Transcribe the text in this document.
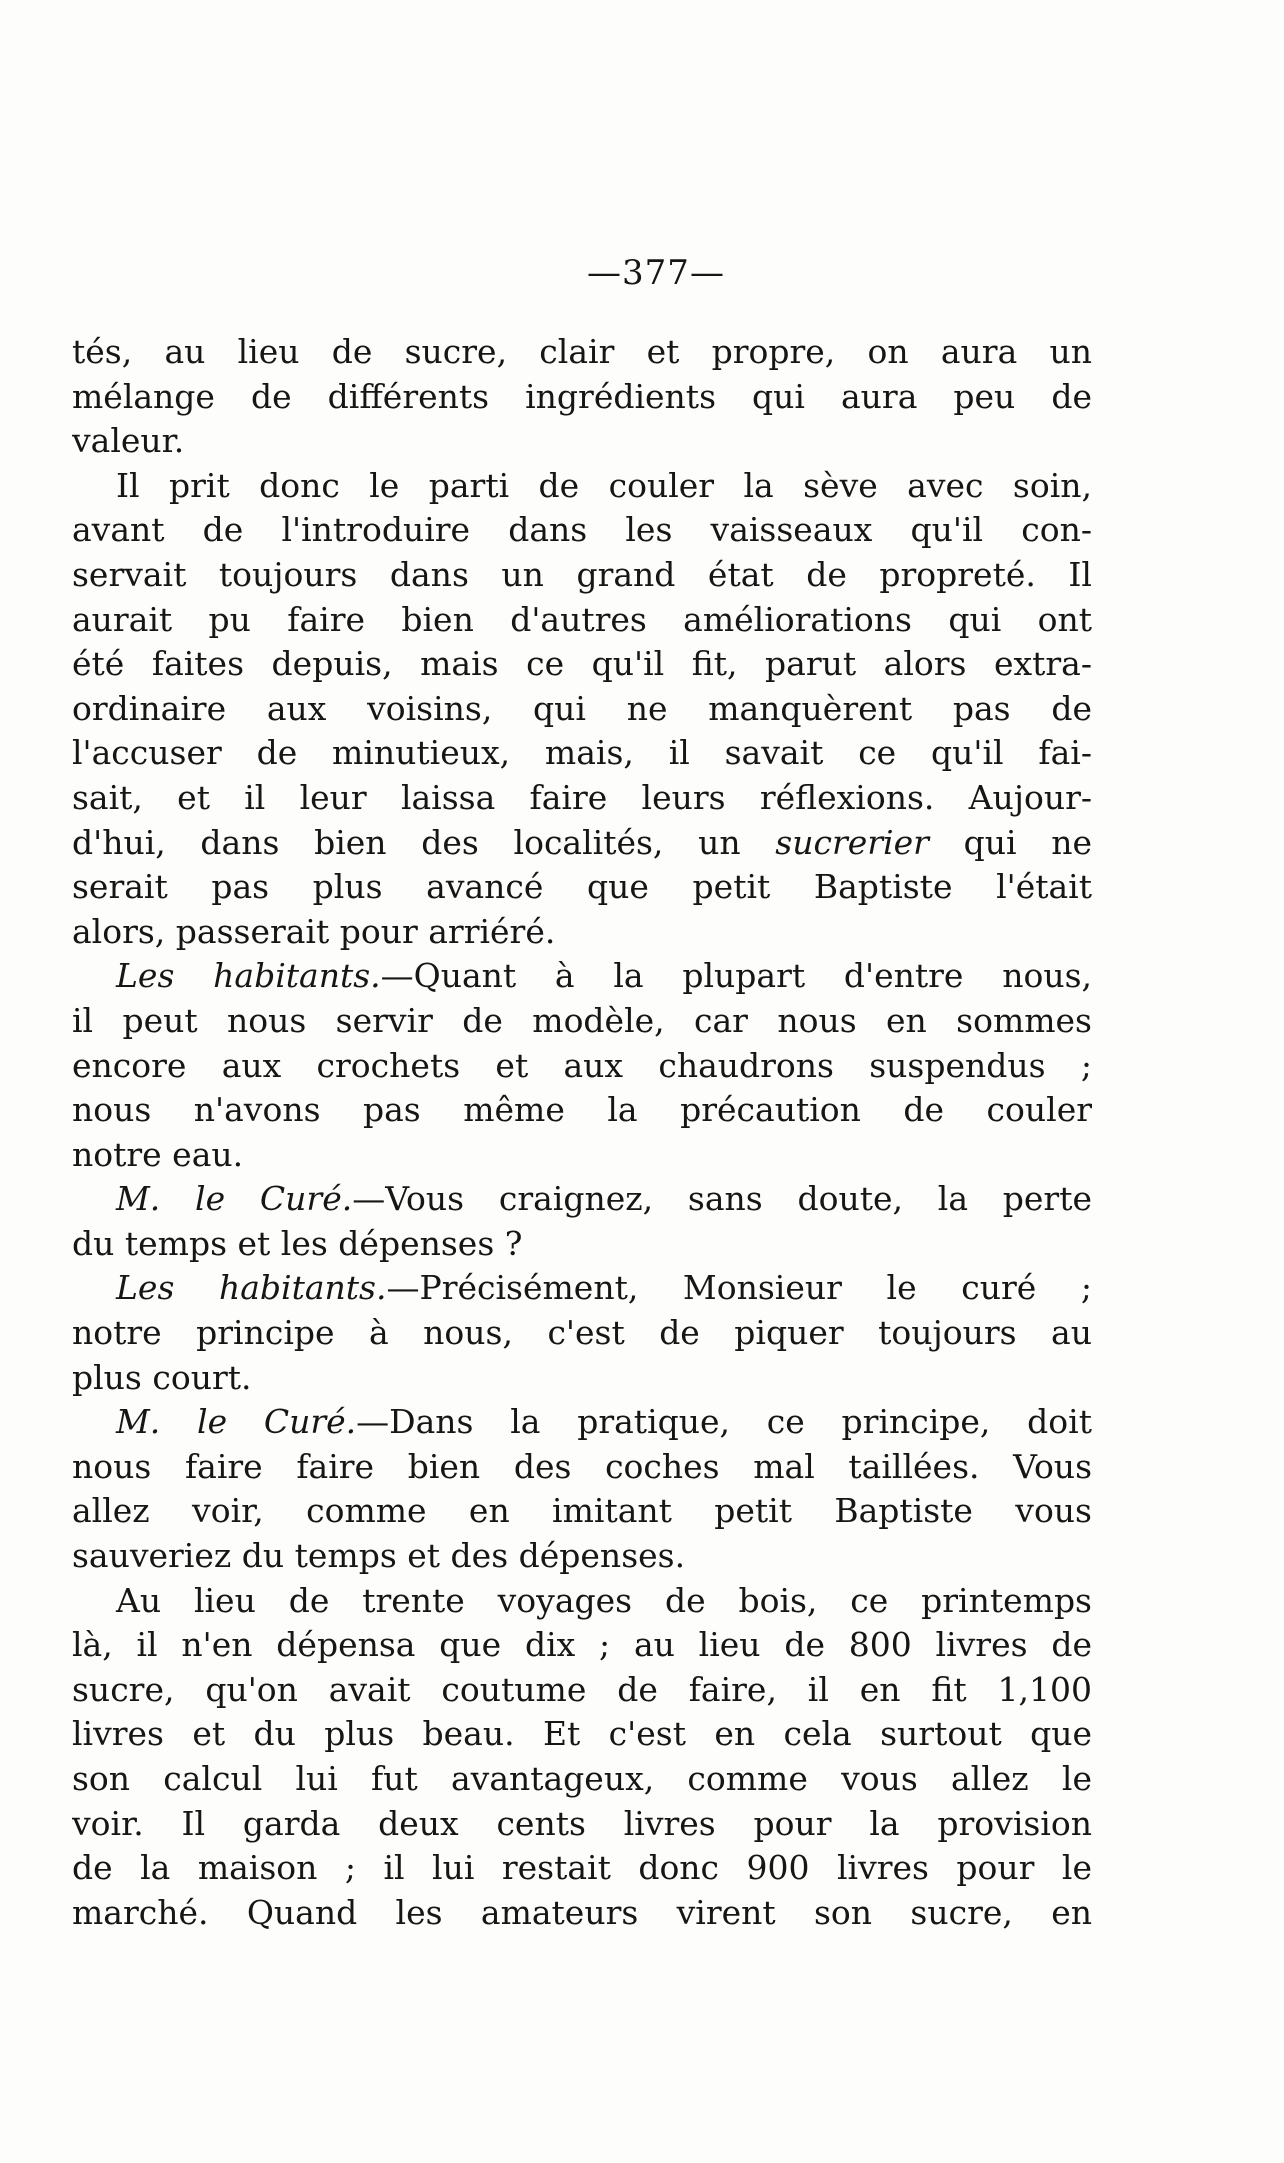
—377—
tés, au lieu de sucre, clair et propre, on aura un
mélange de différents ingrédients qui aura peu de
valeur.
Il prit donc le parti de couler la sève avec soin,
avant de l'introduire dans les vaisseaux qu'il con-
servait toujours dans un grand état de propreté. Il
aurait pu faire bien d'autres améliorations qui ont
été faites depuis, mais ce qu'il fit, parut alors extra-
ordinaire aux voisins, qui ne manquèrent pas de
l'accuser de minutieux, mais, il savait ce qu'il fai-
sait, et il leur laissa faire leurs réflexions. Aujour-
d'hui, dans bien des localités, un sucrerier qui ne
serait pas plus avancé que petit Baptiste l'était
alors, passerait pour arriéré.
Les habitants.—Quant à la plupart d'entre nous,
il peut nous servir de modèle, car nous en sommes
encore aux crochets et aux chaudrons suspendus ;
nous n'avons pas même la précaution de couler
notre eau.
M. le Curé.—Vous craignez, sans doute, la perte
du temps et les dépenses ?
Les habitants.—Précisément, Monsieur le curé ;
notre principe à nous, c'est de piquer toujours au
plus court.
M. le Curé.—Dans la pratique, ce principe, doit
nous faire faire bien des coches mal taillées. Vous
allez voir, comme en imitant petit Baptiste vous
sauveriez du temps et des dépenses.
Au lieu de trente voyages de bois, ce printemps
là, il n'en dépensa que dix ; au lieu de 800 livres de
sucre, qu'on avait coutume de faire, il en fit 1,100
livres et du plus beau. Et c'est en cela surtout que
son calcul lui fut avantageux, comme vous allez le
voir. Il garda deux cents livres pour la provision
de la maison ; il lui restait donc 900 livres pour le
marché. Quand les amateurs virent son sucre, en
